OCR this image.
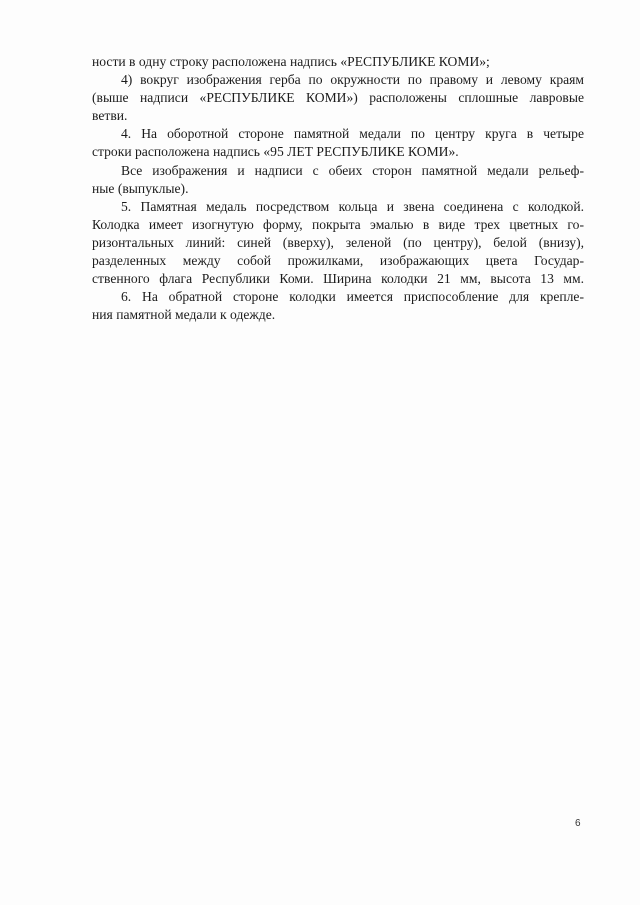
ности в одну строку расположена надпись «РЕСПУБЛИКЕ КОМИ»;
4) вокруг изображения герба по окружности по правому и левому краям
(выше надписи «РЕСПУБЛИКЕ КОМИ») расположены сплошные лавровые
ветви.
4. На оборотной стороне памятной медали по центру круга в четыре
строки расположена надпись «95 ЛЕТ РЕСПУБЛИКЕ КОМИ».
Все изображения и надписи с обеих сторон памятной медали рельеф-
ные (выпуклые).
5. Памятная медаль посредством кольца и звена соединена с колодкой.
Колодка имеет изогнутую форму, покрыта эмалью в виде трех цветных го-
ризонтальных линий: синей (вверху), зеленой (по центру), белой (внизу),
разделенных между собой прожилками, изображающих цвета Государ-
ственного флага Республики Коми. Ширина колодки 21 мм, высота 13 мм.
6. На обратной стороне колодки имеется приспособление для крепле-
ния памятной медали к одежде.
6
